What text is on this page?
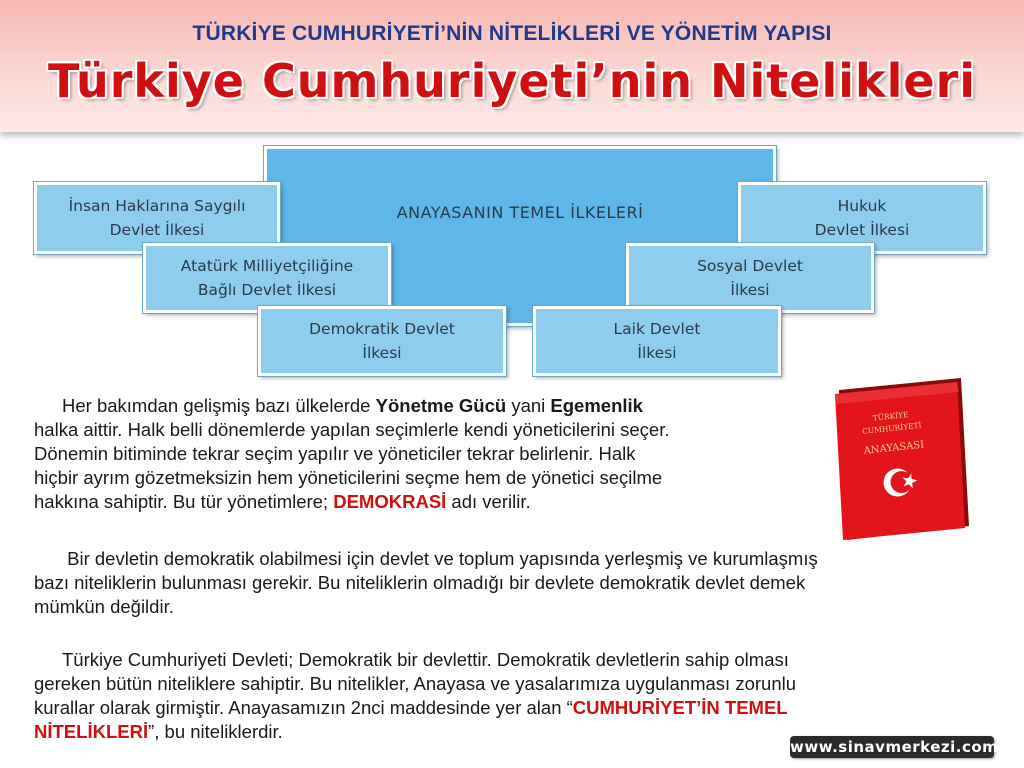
TÜRKİYE CUMHURİYETİ’NİN NİTELİKLERİ VE YÖNETİM YAPISI
Türkiye Cumhuriyeti’nin Nitelikleri
ANAYASANIN TEMEL İLKELERİ
İnsan Haklarına Saygılı
Devlet İlkesi
Atatürk Milliyetçiliğine
Bağlı Devlet İlkesi
Demokratik Devlet
İlkesi
Hukuk
Devlet İlkesi
Sosyal Devlet
İlkesi
Laik Devlet
İlkesi
Her bakımdan gelişmiş bazı ülkelerde Yönetme Gücü yani Egemenlik
halka aittir. Halk belli dönemlerde yapılan seçimlerle kendi yöneticilerini seçer.
Dönemin bitiminde tekrar seçim yapılır ve yöneticiler tekrar belirlenir. Halk
hiçbir ayrım gözetmeksizin hem yöneticilerini seçme hem de yönetici seçilme
hakkına sahiptir. Bu tür yönetimlere; DEMOKRASİ adı verilir.
TÜRKİYE
CUMHURİYETİ
ANAYASASI
Bir devletin demokratik olabilmesi için devlet ve toplum yapısında yerleşmiş ve kurumlaşmış
bazı niteliklerin bulunması gerekir. Bu niteliklerin olmadığı bir devlete demokratik devlet demek
mümkün değildir.
Türkiye Cumhuriyeti Devleti; Demokratik bir devlettir. Demokratik devletlerin sahip olması
gereken bütün niteliklere sahiptir. Bu nitelikler, Anayasa ve yasalarımıza uygulanması zorunlu
kurallar olarak girmiştir. Anayasamızın 2nci maddesinde yer alan “CUMHURİYET’İN TEMEL
NİTELİKLERİ”, bu niteliklerdir.
www.sinavmerkezi.com
